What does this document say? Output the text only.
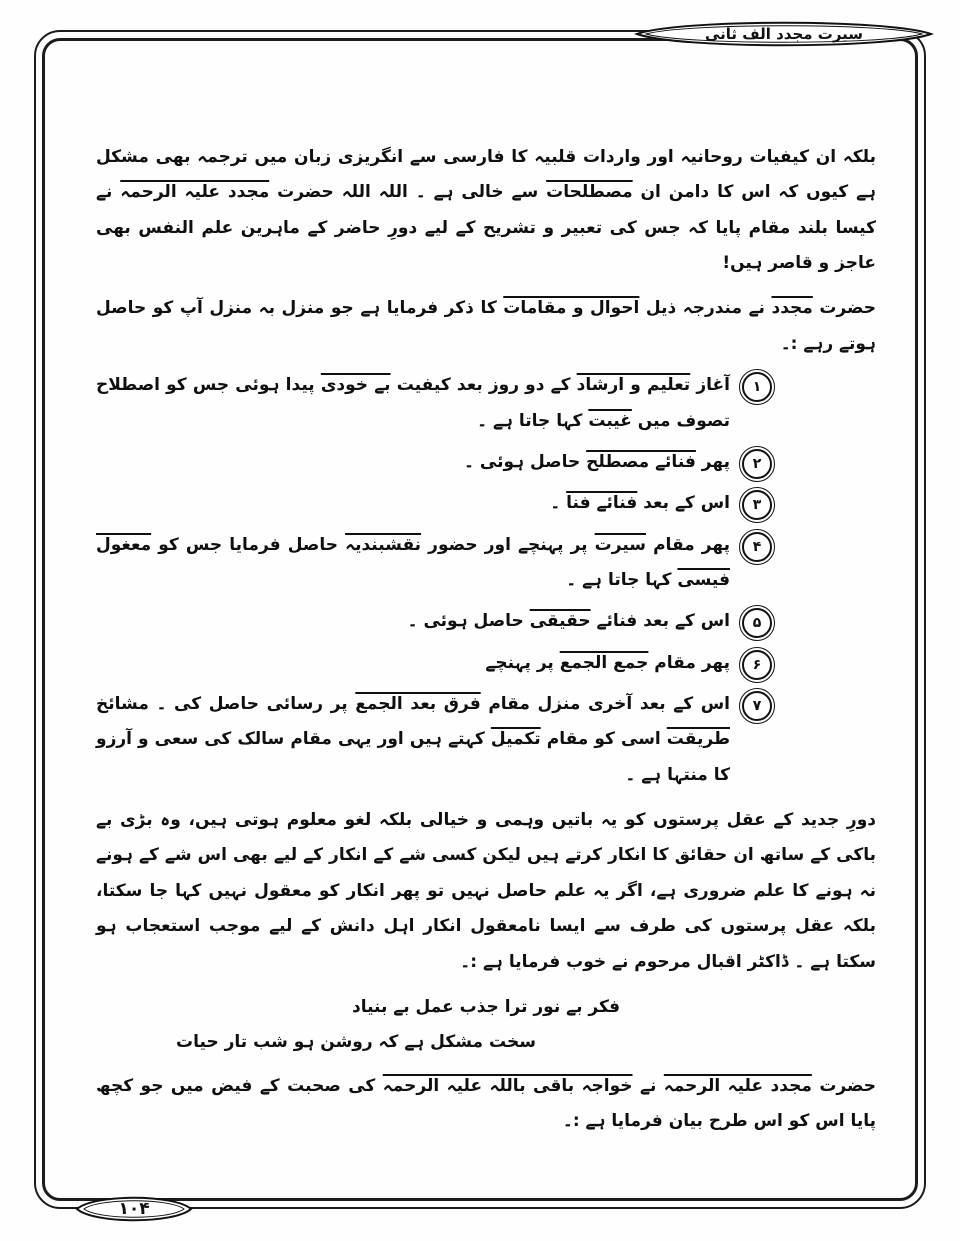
سیرت مجدد الف ثانی

بلکہ ان کیفیات روحانیہ اور واردات قلبیہ کا فارسی سے انگریزی زبان میں ترجمہ بھی مشکل ہے کیوں کہ اس کا دامن ان مصطلحات سے خالی ہے ۔ اللہ اللہ حضرت مجدد علیہ الرحمہ نے کیسا بلند مقام پایا کہ جس کی تعبیر و تشریح کے لیے دورِ حاضر کے ماہرین علم النفس بھی عاجز و قاصر ہیں!

حضرت مجدد نے مندرجہ ذیل احوال و مقامات کا ذکر فرمایا ہے جو منزل بہ منزل آپ کو حاصل ہوتے رہے :۔

۱
آغاز تعلیم و ارشاد کے دو روز بعد کیفیت بے خودی پیدا ہوئی جس کو اصطلاح تصوف میں غیبت کہا جاتا ہے ۔
۲
پھر فنائے مصطلح حاصل ہوئی ۔
۳
اس کے بعد فنائے فنا ۔
۴
پھر مقام سیرت پر پہنچے اور حضور نقشبندیہ حاصل فرمایا جس کو معغول فیسی کہا جاتا ہے ۔
۵
اس کے بعد فنائے حقیقی حاصل ہوئی ۔
۶
پھر مقام جمع الجمع پر پہنچے
۷
اس کے بعد آخری منزل مقام فرق بعد الجمع پر رسائی حاصل کی ۔ مشائخ طریقت اسی کو مقام تکمیل کہتے ہیں اور یہی مقام سالک کی سعی و آرزو کا منتہا ہے ۔

دورِ جدید کے عقل پرستوں کو یہ باتیں وہمی و خیالی بلکہ لغو معلوم ہوتی ہیں، وہ بڑی بے باکی کے ساتھ ان حقائق کا انکار کرتے ہیں لیکن کسی شے کے انکار کے لیے بھی اس شے کے ہونے نہ ہونے کا علم ضروری ہے، اگر یہ علم حاصل نہیں تو پھر انکار کو معقول نہیں کہا جا سکتا، بلکہ عقل پرستوں کی طرف سے ایسا نامعقول انکار اہل دانش کے لیے موجب استعجاب ہو سکتا ہے ۔ ڈاکٹر اقبال مرحوم نے خوب فرمایا ہے :۔

فکر بے نور ترا جذب عمل بے بنیاد
سخت مشکل ہے کہ روشن ہو شب تار حیات

حضرت مجدد علیہ الرحمہ نے خواجہ باقی باللہ علیہ الرحمہ کی صحبت کے فیض میں جو کچھ پایا اس کو اس طرح بیان فرمایا ہے :۔

۱۰۴
